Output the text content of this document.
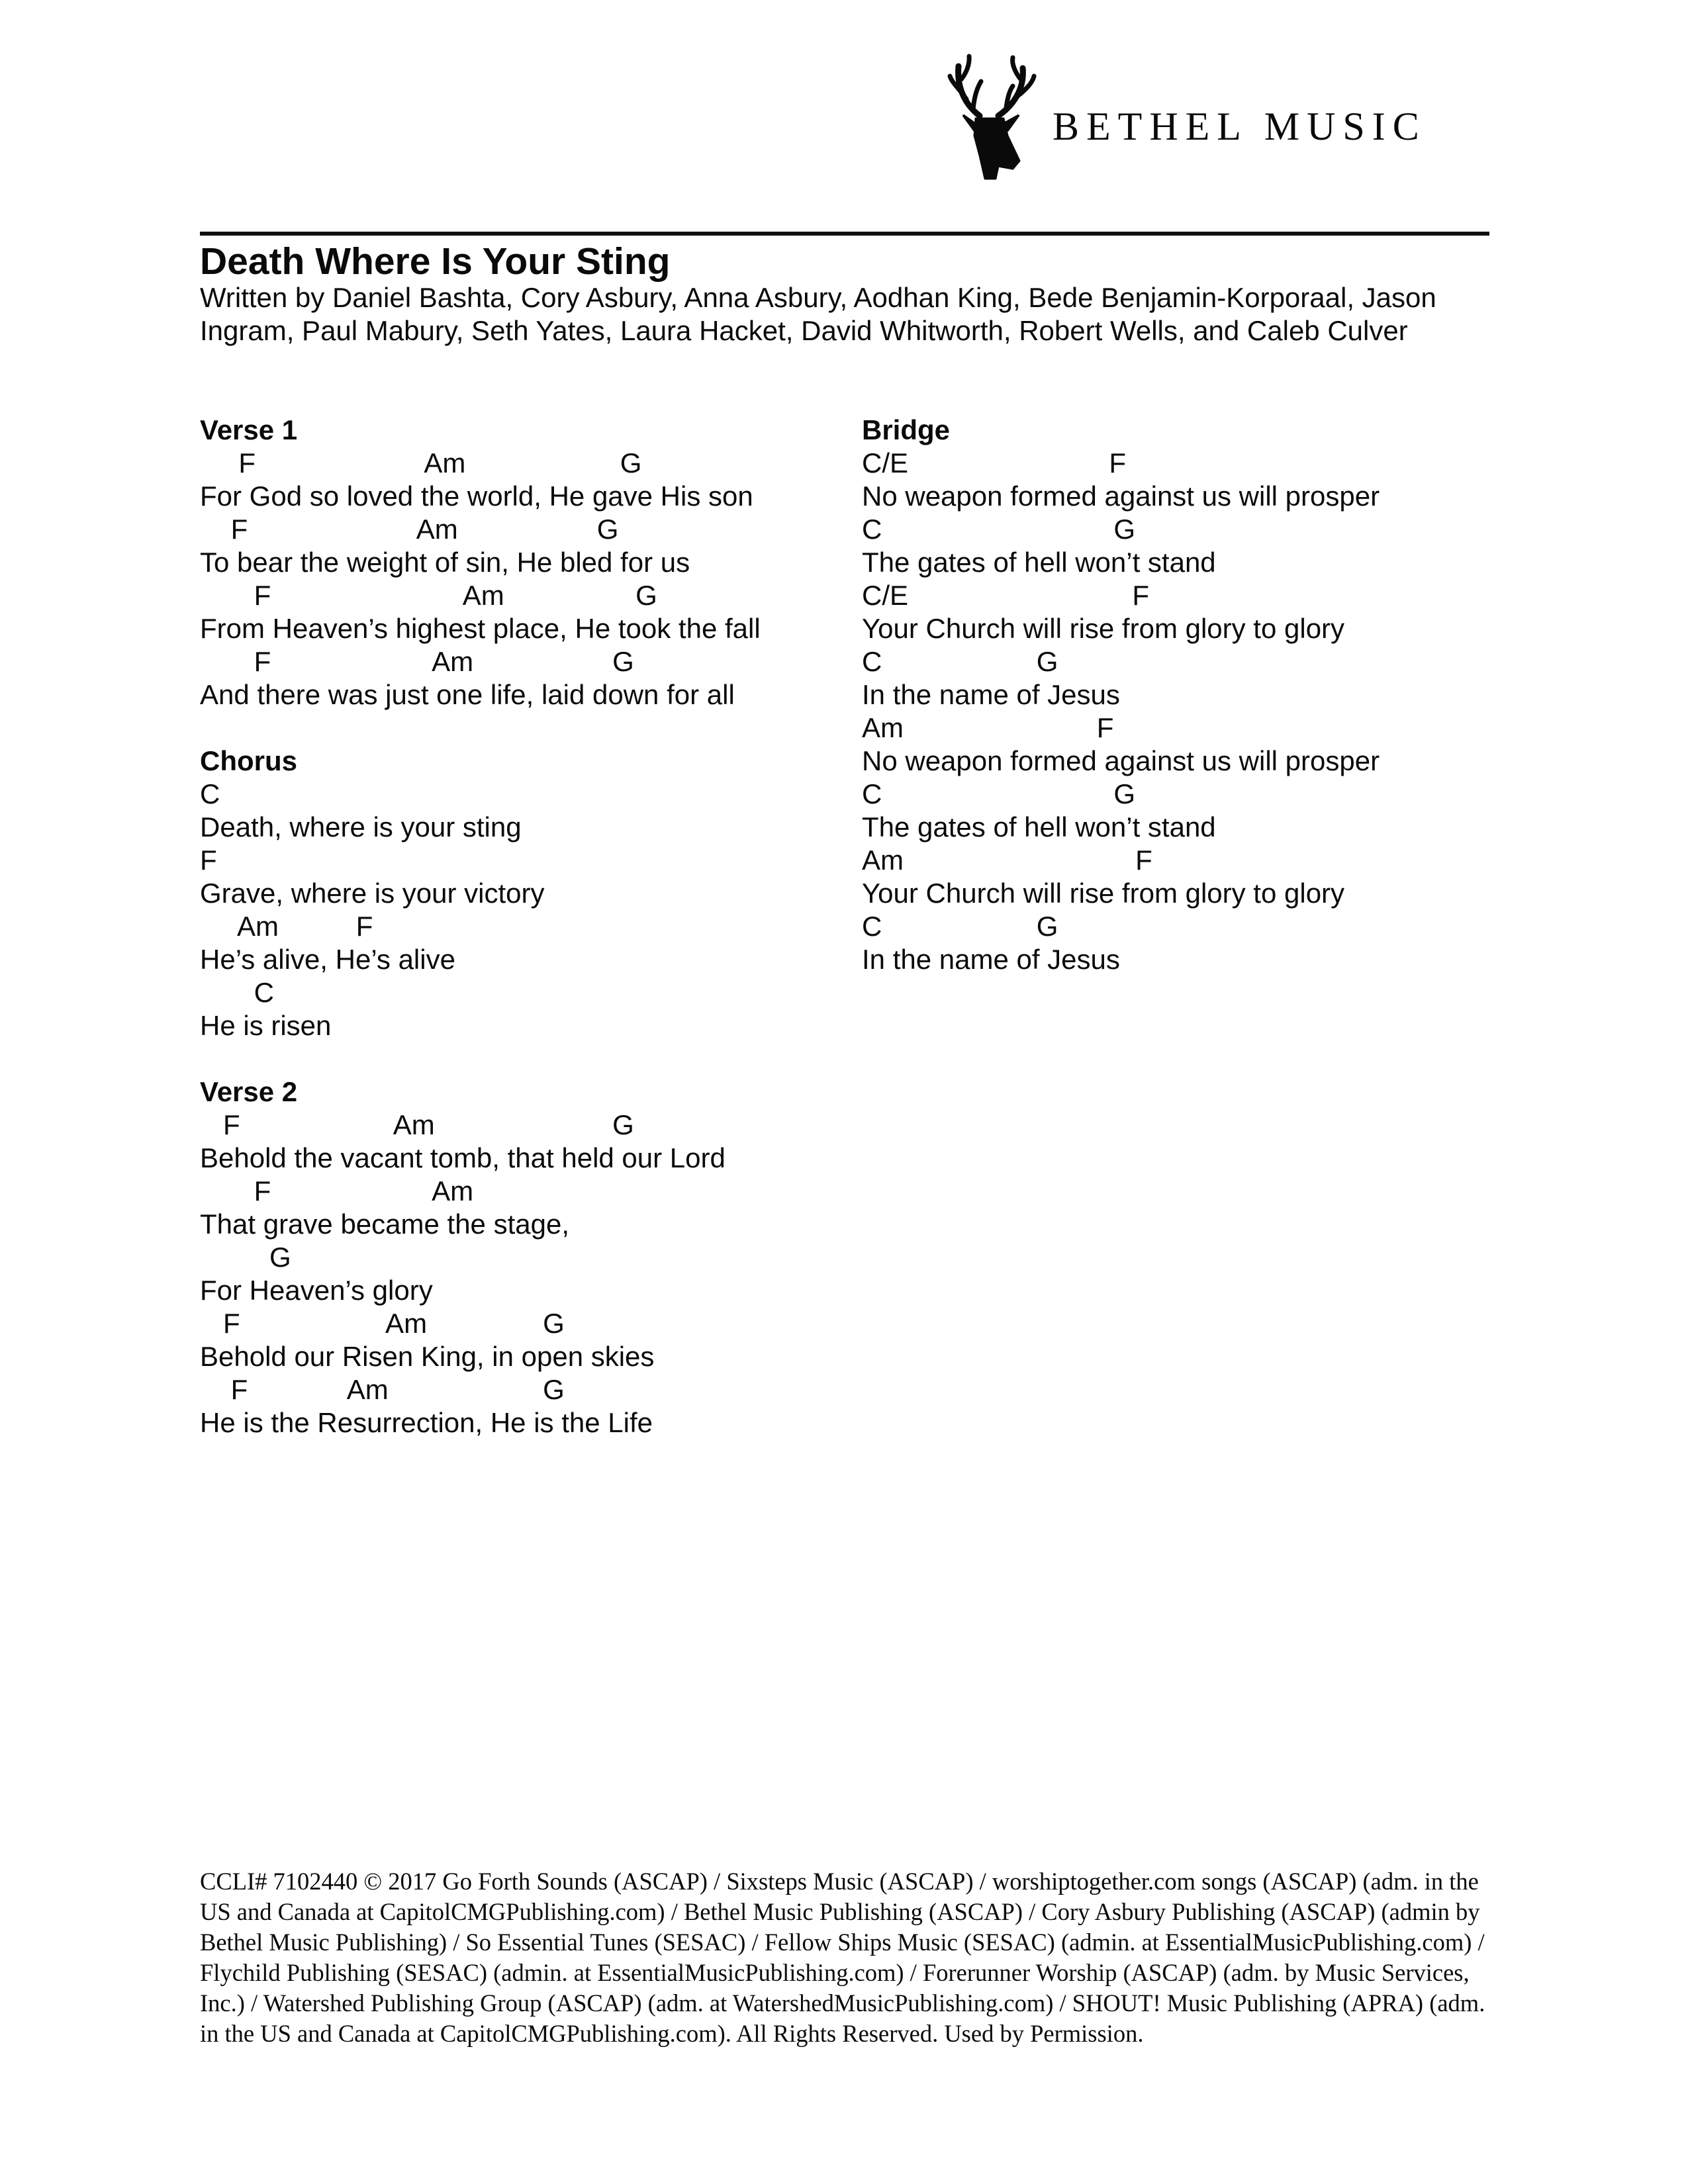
BETHEL MUSIC
Death Where Is Your Sting
Written by Daniel Bashta, Cory Asbury, Anna Asbury, Aodhan King, Bede Benjamin-Korporaal, Jason Ingram, Paul Mabury, Seth Yates, Laura Hacket, David Whitworth, Robert Wells, and Caleb Culver
Verse 1
F                      Am                    G
For God so loved the world, He gave His son
F                      Am                  G
To bear the weight of sin, He bled for us
F                         Am                 G
From Heaven’s highest place, He took the fall
F                     Am                  G
And there was just one life, laid down for all
Chorus
C
Death, where is your sting
F
Grave, where is your victory
Am          F
He’s alive, He’s alive
C
He is risen
Verse 2
F                    Am                       G
Behold the vacant tomb, that held our Lord
F                     Am
That grave became the stage,
G
For Heaven’s glory
F                   Am               G
Behold our Risen King, in open skies
F             Am                    G
He is the Resurrection, He is the Life
Bridge
C/E                          F
No weapon formed against us will prosper
C                              G
The gates of hell won’t stand
C/E                             F
Your Church will rise from glory to glory
C                    G
In the name of Jesus
Am                         F
No weapon formed against us will prosper
C                              G
The gates of hell won’t stand
Am                              F
Your Church will rise from glory to glory
C                    G
In the name of Jesus
CCLI# 7102440 © 2017 Go Forth Sounds (ASCAP) / Sixsteps Music (ASCAP) / worshiptogether.com songs (ASCAP) (adm. in the US and Canada at CapitolCMGPublishing.com) / Bethel Music Publishing (ASCAP) / Cory Asbury Publishing (ASCAP) (admin by Bethel Music Publishing) / So Essential Tunes (SESAC) / Fellow Ships Music (SESAC) (admin. at EssentialMusicPublishing.com) / Flychild Publishing (SESAC) (admin. at EssentialMusicPublishing.com) / Forerunner Worship (ASCAP) (adm. by Music Services, Inc.) / Watershed Publishing Group (ASCAP) (adm. at WatershedMusicPublishing.com) / SHOUT! Music Publishing (APRA) (adm. in the US and Canada at CapitolCMGPublishing.com). All Rights Reserved. Used by Permission.
